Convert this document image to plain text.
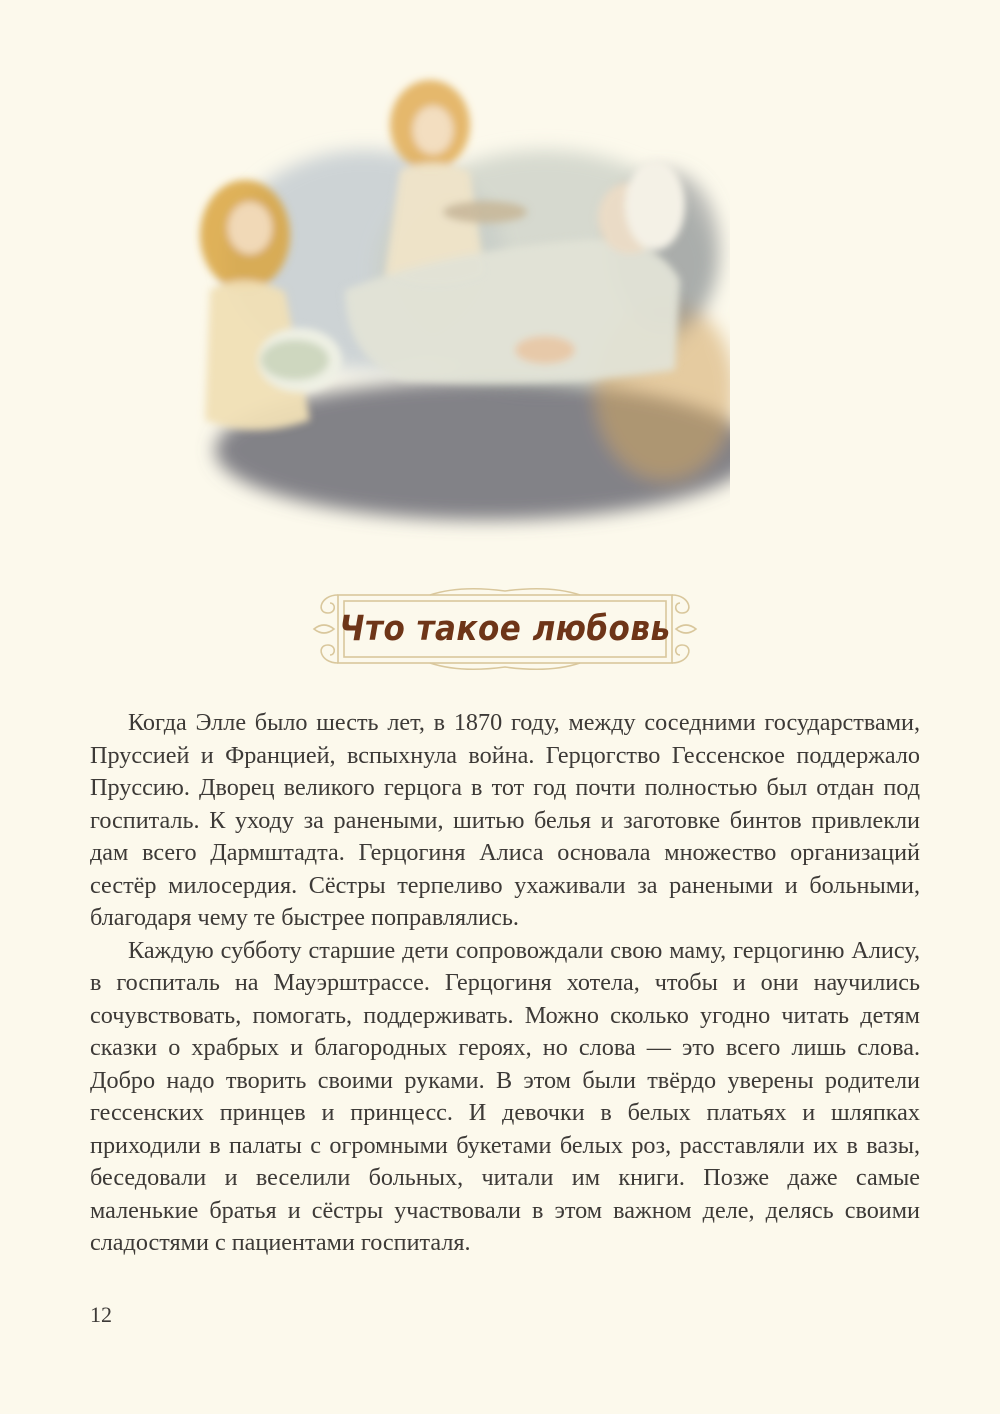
Что такое любовь

Когда Элле было шесть лет, в 1870 году, между соседними государствами, Пруссией и Францией, вспыхнула война. Герцогство Гессенское поддержало Пруссию. Дворец великого герцога в тот год почти полностью был отдан под госпиталь. К уходу за ранеными, шитью белья и заготовке бинтов привлекли дам всего Дармштадта. Герцогиня Алиса основала множество организаций сестёр милосердия. Сёстры терпеливо ухаживали за ранеными и больными, благодаря чему те быстрее поправлялись.

Каждую субботу старшие дети сопровождали свою маму, герцогиню Алису, в госпиталь на Мауэрштрассе. Герцогиня хотела, чтобы и они научились сочувствовать, помогать, поддерживать. Можно сколько угодно читать детям сказки о храбрых и благородных героях, но слова — это всего лишь слова. Добро надо творить своими руками. В этом были твёрдо уверены родители гессенских принцев и принцесс. И девочки в белых платьях и шляпках приходили в палаты с огромными букетами белых роз, расставляли их в вазы, беседовали и веселили больных, читали им книги. Позже даже самые маленькие братья и сёстры участвовали в этом важном деле, делясь своими сладостями с пациентами госпиталя.

12
